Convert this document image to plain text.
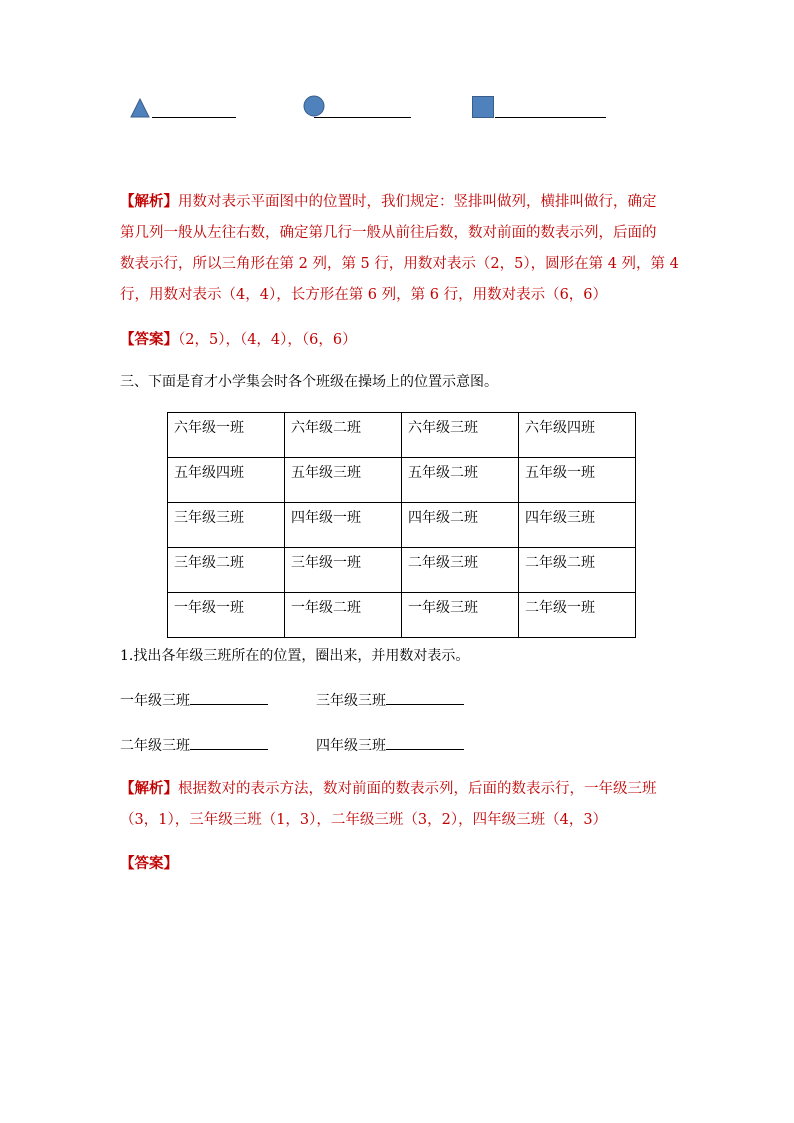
【解析】用数对表示平面图中的位置时，我们规定：竖排叫做列，横排叫做行，确定
第几列一般从左往右数，确定第几行一般从前往后数，数对前面的数表示列，后面的
数表示行，所以三角形在第 2 列，第 5 行，用数对表示（2，5），圆形在第 4 列，第 4
行，用数对表示（4，4），长方形在第 6 列，第 6 行，用数对表示（6，6）
【答案】（2，5），（4，4），（6，6）
三、下面是育才小学集会时各个班级在操场上的位置示意图。
六年级一班	六年级二班	六年级三班	六年级四班
五年级四班	五年级三班	五年级二班	五年级一班
三年级三班	四年级一班	四年级二班	四年级三班
三年级二班	三年级一班	二年级三班	二年级二班
一年级一班	一年级二班	一年级三班	二年级一班
1.找出各年级三班所在的位置，圈出来，并用数对表示。
一年级三班	三年级三班
二年级三班	四年级三班
【解析】根据数对的表示方法，数对前面的数表示列，后面的数表示行，一年级三班
（3，1），三年级三班（1，3），二年级三班（3，2），四年级三班（4，3）
【答案】
